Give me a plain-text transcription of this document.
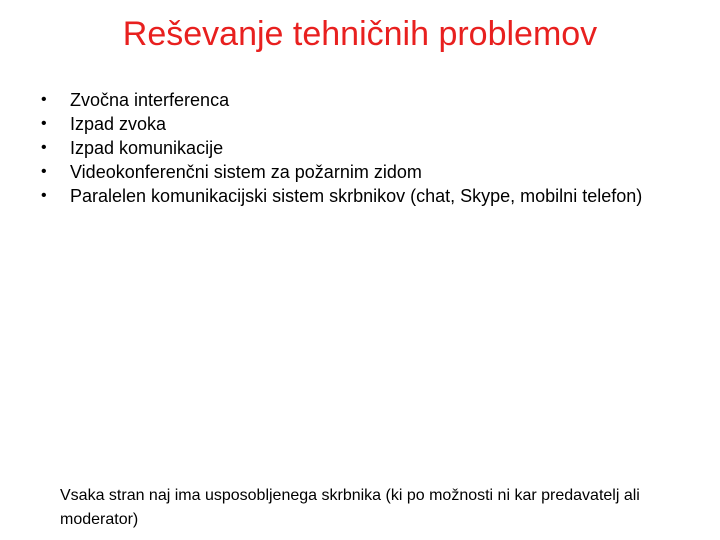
Reševanje tehničnih problemov
•	Zvočna interferenca
•	Izpad zvoka
•	Izpad komunikacije
•	Videokonferenčni sistem za požarnim zidom
•	Paralelen komunikacijski sistem skrbnikov (chat, Skype, mobilni telefon)
Vsaka stran naj ima usposobljenega skrbnika (ki po možnosti ni kar predavatelj ali moderator)
